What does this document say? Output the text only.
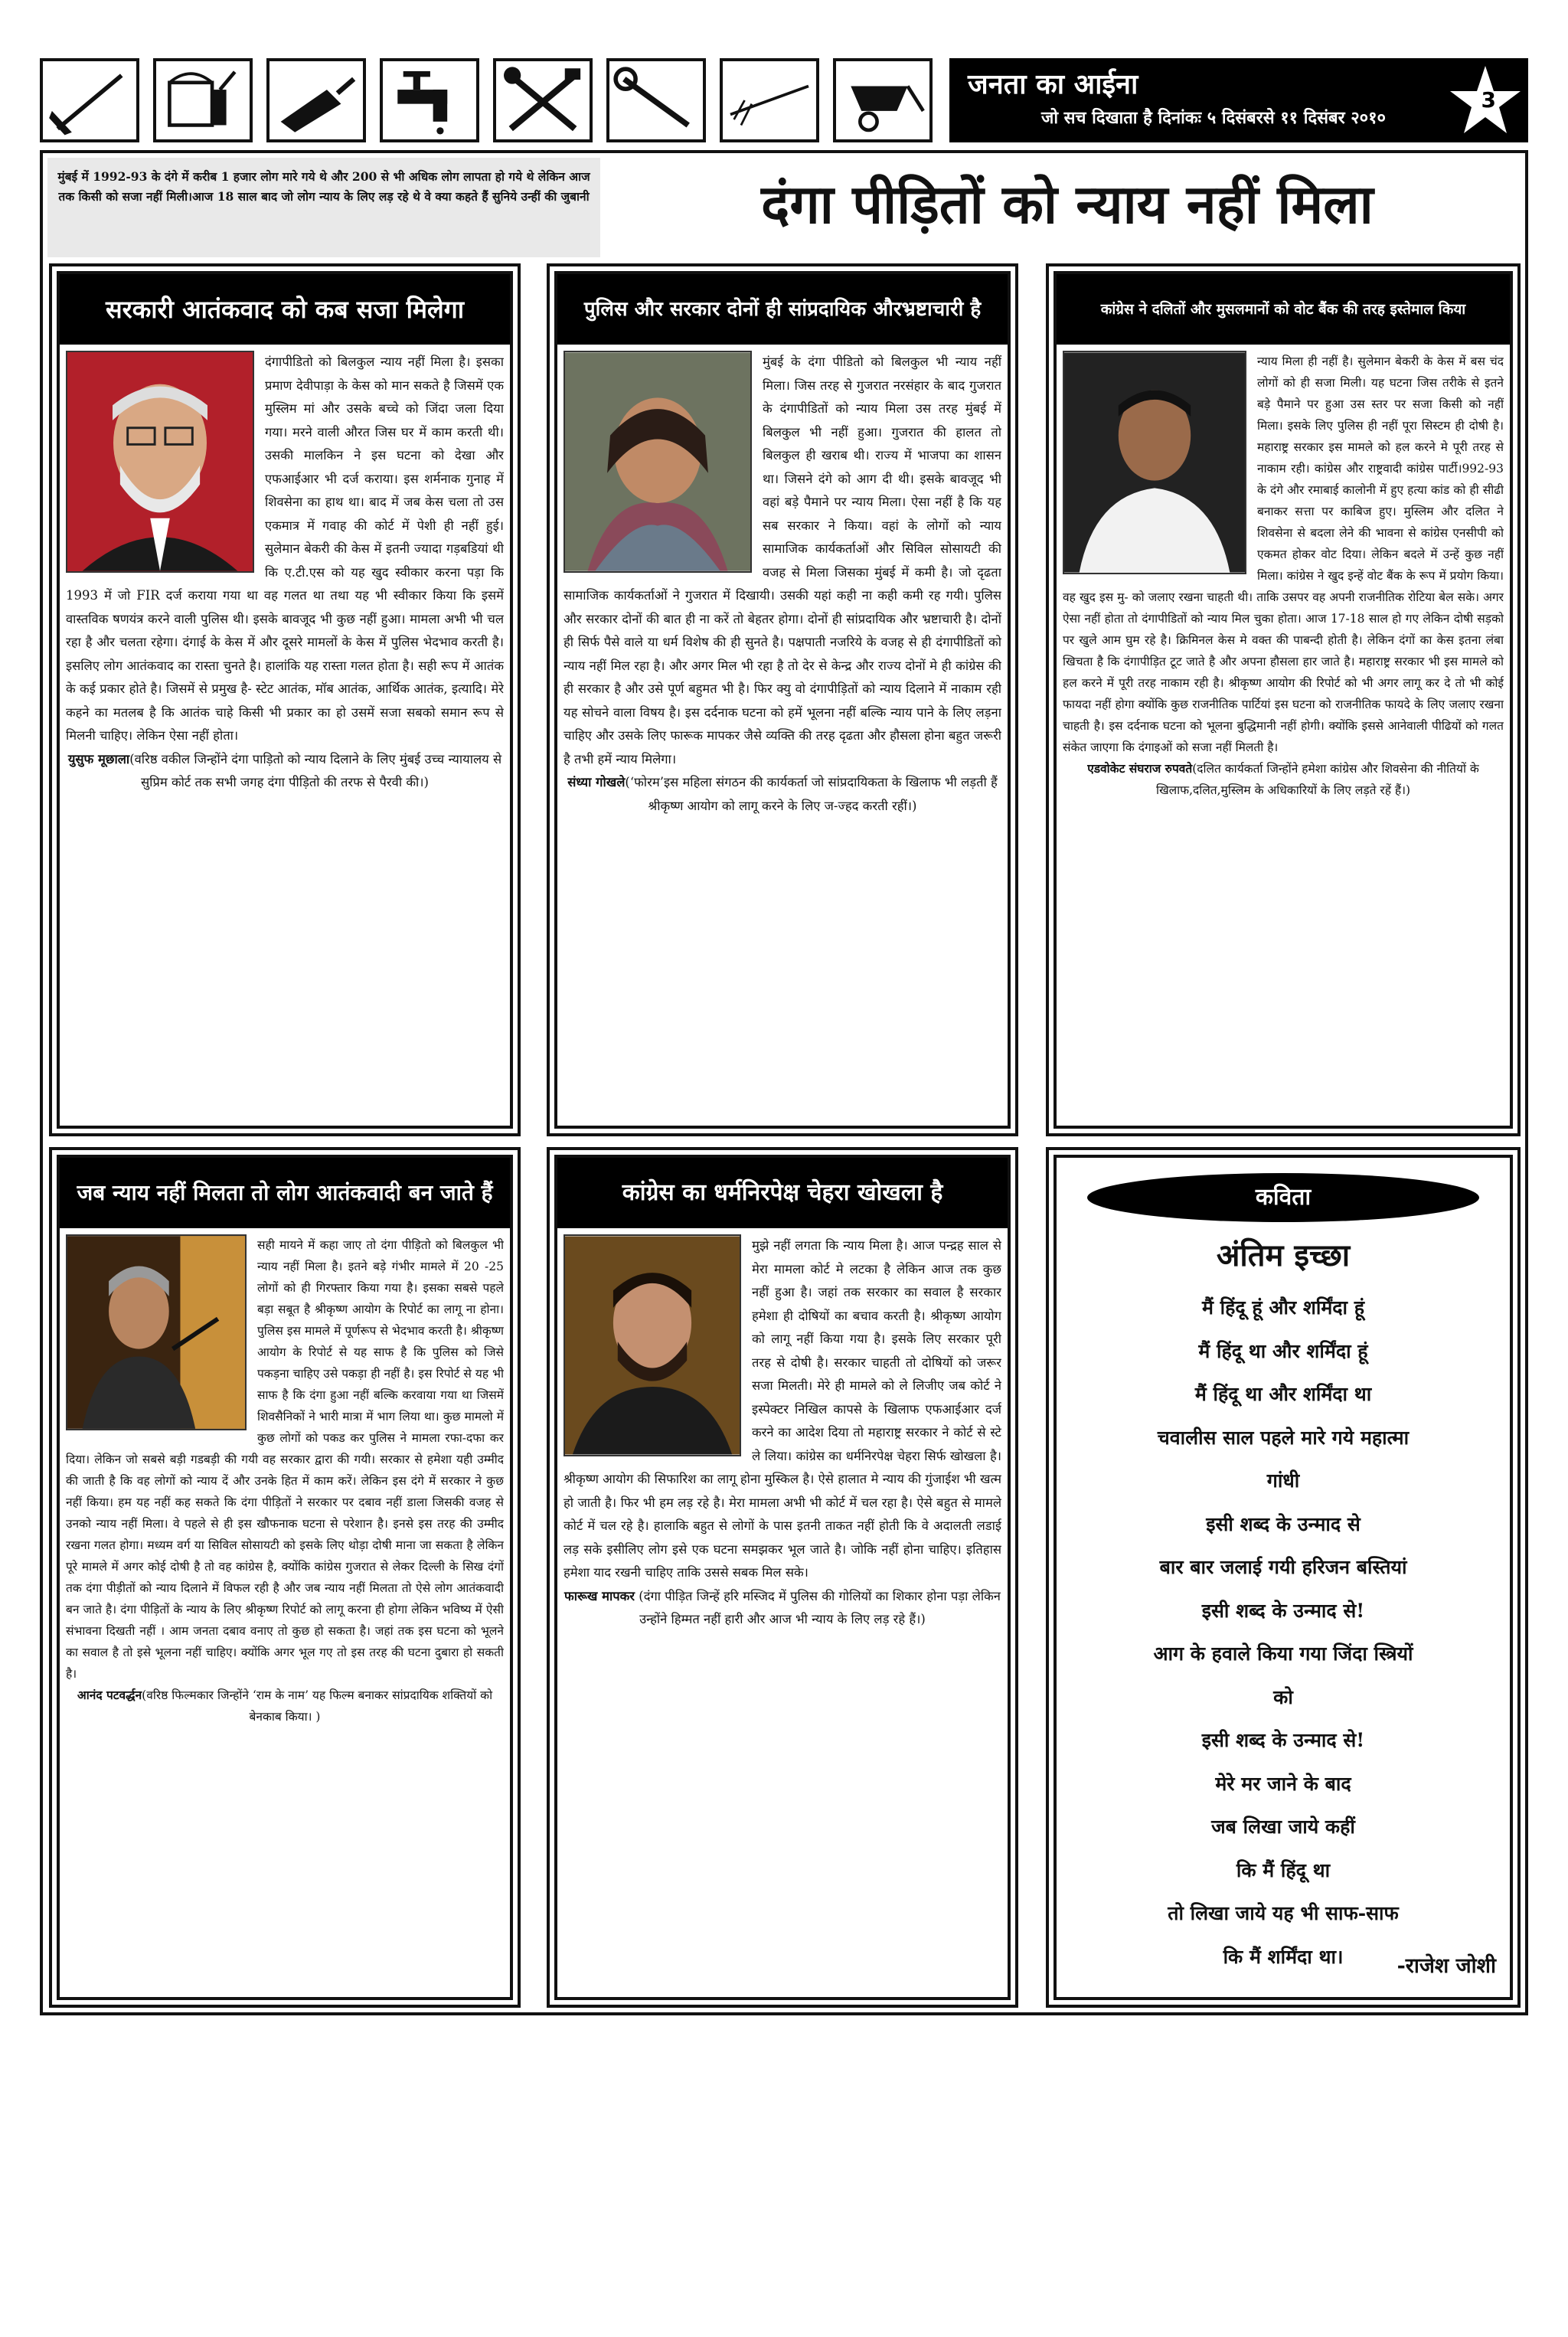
जनता का आईना
जो सच दिखाता है दिनांकः ५ दिसंबरसे ११ दिसंबर २०१०
3
मुंबई में 1992-93 के दंगे में करीब 1 हजार लोग मारे गये थे और 200 से भी अधिक लोग लापता हो गये थे लेकिन आज तक किसी को सजा नहीं मिली।आज 18 साल बाद जो लोग न्याय के लिए लड़ रहे थे वे क्या कहते हैं सुनिये उन्हीं की जुबानी	दंगा पीड़ितों को न्याय नहीं मिला
सरकारी आतंकवाद को कब सजा मिलेगा

दंगापीडितो को बिलकुल न्याय नहीं मिला है। इसका प्रमाण देवीपाड़ा के केस को मान सकते है जिसमें एक मुस्लिम मां और उसके बच्चे को जिंदा जला दिया गया। मरने वाली औरत जिस घर में काम करती थी। उसकी मालकिन ने इस घटना को देखा और एफआईआर भी दर्ज कराया। इस शर्मनाक गुनाह में शिवसेना का हाथ था। बाद में जब केस चला तो उस एकमात्र में गवाह की कोर्ट में पेशी ही नहीं हुई।सुलेमान बेकरी की केस में इतनी ज्यादा गड़बडियां थी कि ए.टी.एस को यह खुद स्वीकार करना पड़ा कि 1993 में जो FIR दर्ज कराया गया था वह गलत था तथा यह भी स्वीकार किया कि इसमें वास्तविक षणयंत्र करने वाली पुलिस थी। इसके बावजूद भी कुछ नहीं हुआ। मामला अभी भी चल रहा है और चलता रहेगा। दंगाई के केस में और दूसरे मामलों के केस में पुलिस भेदभाव करती है। इसलिए लोग आतंकवाद का रास्ता चुनते है। हालांकि यह रास्ता गलत होता है। सही रूप में आतंक के कई प्रकार होते है। जिसमें से प्रमुख है- स्टेट आतंक, मॉब आतंक, आर्थिक आतंक, इत्यादि। मेरे कहने का मतलब है कि आतंक चाहे किसी भी प्रकार का हो उसमें सजा सबको समान रूप से मिलनी चाहिए। लेकिन ऐसा नहीं होता।

युसुफ मूछाला(वरिष्ठ वकील जिन्होंने दंगा पाड़ितो को न्याय दिलाने के लिए मुंबई उच्च न्यायालय से सुप्रिम कोर्ट तक सभी जगह दंगा पीड़ितो की तरफ से पैरवी की।)

पुलिस और सरकार दोनों ही सांप्रदायिक औरभ्रष्टाचारी है

मुंबई के दंगा पीडितो को बिलकुल भी न्याय नहीं मिला। जिस तरह से गुजरात नरसंहार के बाद गुजरात के दंगापीडितों को न्याय मिला उस तरह मुंबई में बिलकुल भी नहीं हुआ। गुजरात की हालत तो बिलकुल ही खराब थी। राज्य में भाजपा का शासन था। जिसने दंगे को आग दी थी। इसके बावजूद भी वहां बड़े पैमाने पर न्याय मिला। ऐसा नहीं है कि यह सब सरकार ने किया। वहां के लोगों को न्याय सामाजिक कार्यकर्ताओं और सिविल सोसायटी की वजह से मिला जिसका मुंबई में कमी है। जो दृढता सामाजिक कार्यकर्ताओं ने गुजरात में दिखायी। उसकी यहां कही ना कही कमी रह गयी। पुलिस और सरकार दोनों की बात ही ना करें तो बेहतर होगा। दोनों ही सांप्रदायिक और भ्रष्टाचारी है। दोनों ही सिर्फ पैसे वाले या धर्म विशेष की ही सुनते है। पक्षपाती नजरिये के वजह से ही दंगापीडितों को न्याय नहीं मिल रहा है। और अगर मिल भी रहा है तो देर से केन्द्र और राज्य दोनों मे ही कांग्रेस की ही सरकार है और उसे पूर्ण बहुमत भी है। फिर क्यु वो दंगापीड़ितों को न्याय दिलाने में नाकाम रही यह सोचने वाला विषय है। इस दर्दनाक घटना को हमें भूलना नहीं बल्कि न्याय पाने के लिए लड़ना चाहिए और उसके लिए फारूक मापकर जैसे व्यक्ति की तरह दृढता और हौसला होना बहुत जरूरी है तभी हमें न्याय मिलेगा।

संध्या गोखले(‘फोरम’इस महिला संगठन की कार्यकर्ता जो सांप्रदायिकता के खिलाफ भी लड़ती हैं श्रीकृष्ण आयोग को लागू करने के लिए ज-ज्हद करती रहीं।)

कांग्रेस ने दलितों और मुसलमानों को वोट बैंक की तरह इस्तेमाल किया

न्याय मिला ही नहीं है। सुलेमान बेकरी के केस में बस चंद लोगों को ही सजा मिली। यह घटना जिस तरीके से इतने बड़े पैमाने पर हुआ उस स्तर पर सजा किसी को नहीं मिला। इसके लिए पुलिस ही नहीं पूरा सिस्टम ही दोषी है। महाराष्ट्र सरकार इस मामले को हल करने मे पूरी तरह से नाकाम रही। कांग्रेस और राष्ट्रवादी कांग्रेस पार्टी।992-93 के दंगे और रमाबाई कालोनी में हुए हत्या कांड को ही सीढी बनाकर सत्ता पर काबिज हुए। मुस्लिम और दलित ने शिवसेना से बदला लेने की भावना से कांग्रेस एनसीपी को एकमत होकर वोट दिया। लेकिन बदले में उन्हें कुछ नहीं मिला। कांग्रेस ने खुद इन्हें वोट बैंक के रूप में प्रयोग किया। वह खुद इस मु- को जलाए रखना चाहती थी। ताकि उसपर वह अपनी राजनीतिक रोटिया बेल सके। अगर ऐसा नहीं होता तो दंगापीडितों को न्याय मिल चुका होता। आज 17-18 साल हो गए लेकिन दोषी सड़को पर खुले आम घुम रहे है। क्रिमिनल केस मे वक्त की पाबन्दी होती है। लेकिन दंगों का केस इतना लंबा खिचता है कि दंगापीड़ित टूट जाते है और अपना हौसला हार जाते है। महाराष्ट्र सरकार भी इस मामले को हल करने में पूरी तरह नाकाम रही है। श्रीकृष्ण आयोग की रिपोर्ट को भी अगर लागू कर दे तो भी कोई फायदा नहीं होगा क्योंकि कुछ राजनीतिक पार्टियां इस घटना को राजनीतिक फायदे के लिए जलाए रखना चाहती है। इस दर्दनाक घटना को भूलना बुद्धिमानी नहीं होगी। क्योंकि इससे आनेवाली पीढियों को गलत संकेत जाएगा कि दंगाइओं को सजा नहीं मिलती है।

एडवोकेट संघराज रुपवते(दलित कार्यकर्ता जिन्होंने हमेशा कांग्रेस और शिवसेना की नीतियों के खिलाफ,दलित,मुस्लिम के अधिकारियों के लिए लड़ते रहें हैं।)

जब न्याय नहीं मिलता तो लोग आतंकवादी बन जाते हैं

सही मायने में कहा जाए तो दंगा पीड़ितो को बिलकुल भी न्याय नहीं मिला है। इतने बड़े गंभीर मामले में 20 -25 लोगों को ही गिरफ्तार किया गया है। इसका सबसे पहले बड़ा सबूत है श्रीकृष्ण आयोग के रिपोर्ट का लागू ना होना। पुलिस इस मामले में पूर्णरूप से भेदभाव करती है। श्रीकृष्ण आयोग के रिपोर्ट से यह साफ है कि पुलिस को जिसे पकड़ना चाहिए उसे पकड़ा ही नहीं है। इस रिपोर्ट से यह भी साफ है कि दंगा हुआ नहीं बल्कि करवाया गया था जिसमें शिवसैनिकों ने भारी मात्रा में भाग लिया था। कुछ मामलो में कुछ लोगों को पकड कर पुलिस ने मामला रफा-दफा कर दिया। लेकिन जो सबसे बड़ी गडबड़ी की गयी वह सरकार द्वारा की गयी। सरकार से हमेशा यही उम्मीद की जाती है कि वह लोगों को न्याय दें और उनके हित में काम करें। लेकिन इस दंगे में सरकार ने कुछ नहीं किया। हम यह नहीं कह सकते कि दंगा पीड़ितों ने सरकार पर दबाव नहीं डाला जिसकी वजह से उनको न्याय नहीं मिला। वे पहले से ही इस खौफनाक घटना से परेशान है। इनसे इस तरह की उम्मीद रखना गलत होगा। मध्यम वर्ग या सिविल सोसायटी को इसके लिए थोड़ा दोषी माना जा सकता है लेकिन पूरे मामले में अगर कोई दोषी है तो वह कांग्रेस है, क्योंकि कांग्रेस गुजरात से लेकर दिल्ली के सिख दंगों तक दंगा पीड़ीतों को न्याय दिलाने में विफल रही है और जब न्याय नहीं मिलता तो ऐसे लोग आतंकवादी बन जाते है। दंगा पीड़ितों के न्याय के लिए श्रीकृष्ण रिपोर्ट को लागू करना ही होगा लेकिन भविष्य में ऐसी संभावना दिखती नहीं । आम जनता दबाव वनाए तो कुछ हो सकता है। जहां तक इस घटना को भूलने का सवाल है तो इसे भूलना नहीं चाहिए। क्योंकि अगर भूल गए तो इस तरह की घटना दुबारा हो सकती है।

आनंद पटवर्द्धन(वरिष्ठ फिल्मकार जिन्होंने ‘राम के नाम’ यह फिल्म बनाकर सांप्रदायिक शक्तियों को बेनकाब किया। )

कांग्रेस का धर्मनिरपेक्ष चेहरा खोखला है

मुझे नहीं लगता कि न्याय मिला है। आज पन्द्रह साल से मेरा मामला कोर्ट मे लटका है लेकिन आज तक कुछ नहीं हुआ है। जहां तक सरकार का सवाल है सरकार हमेशा ही दोषियों का बचाव करती है। श्रीकृष्ण आयोग को लागू नहीं किया गया है। इसके लिए सरकार पूरी तरह से दोषी है। सरकार चाहती तो दोषियों को जरूर सजा मिलती। मेरे ही मामले को ले लिजीए जब कोर्ट ने इस्पेक्टर निखिल कापसे के खिलाफ एफआईआर दर्ज करने का आदेश दिया तो महाराष्ट्र सरकार ने कोर्ट से स्टे ले लिया। कांग्रेस का धर्मनिरपेक्ष चेहरा सिर्फ खोखला है। श्रीकृष्ण आयोग की सिफारिश का लागू होना मुस्किल है। ऐसे हालात मे न्याय की गुंजाईश भी खत्म हो जाती है। फिर भी हम लड़ रहे है। मेरा मामला अभी भी कोर्ट में चल रहा है। ऐसे बहुत से मामले कोर्ट में चल रहे है। हालाकि बहुत से लोगों के पास इतनी ताकत नहीं होती कि वे अदालती लडाई लड़ सके इसीलिए लोग इसे एक घटना समझकर भूल जाते है। जोकि नहीं होना चाहिए। इतिहास हमेशा याद रखनी चाहिए ताकि उससे सबक मिल सके।

फारूख मापकर (दंगा पीड़ित जिन्हें हरि मस्जिद में पुलिस की गोलियों का शिकार होना पड़ा लेकिन उन्होंने हिम्मत नहीं हारी और आज भी न्याय के लिए लड़ रहे हैं।)

कविता
अंतिम इच्छा
मैं हिंदू हूं और शर्मिंदा हूं
मैं हिंदू था और शर्मिंदा हूं
मैं हिंदू था और शर्मिंदा था
चवालीस साल पहले मारे गये महात्मा
गांधी
इसी शब्द के उन्माद से
बार बार जलाई गयी हरिजन बस्तियां
इसी शब्द के उन्माद से!
आग के हवाले किया गया जिंदा स्त्रियों
को
इसी शब्द के उन्माद से!
मेरे मर जाने के बाद
जब लिखा जाये कहीं
कि मैं हिंदू था
तो लिखा जाये यह भी साफ-साफ
कि मैं शर्मिंदा था।	-राजेश जोशी
